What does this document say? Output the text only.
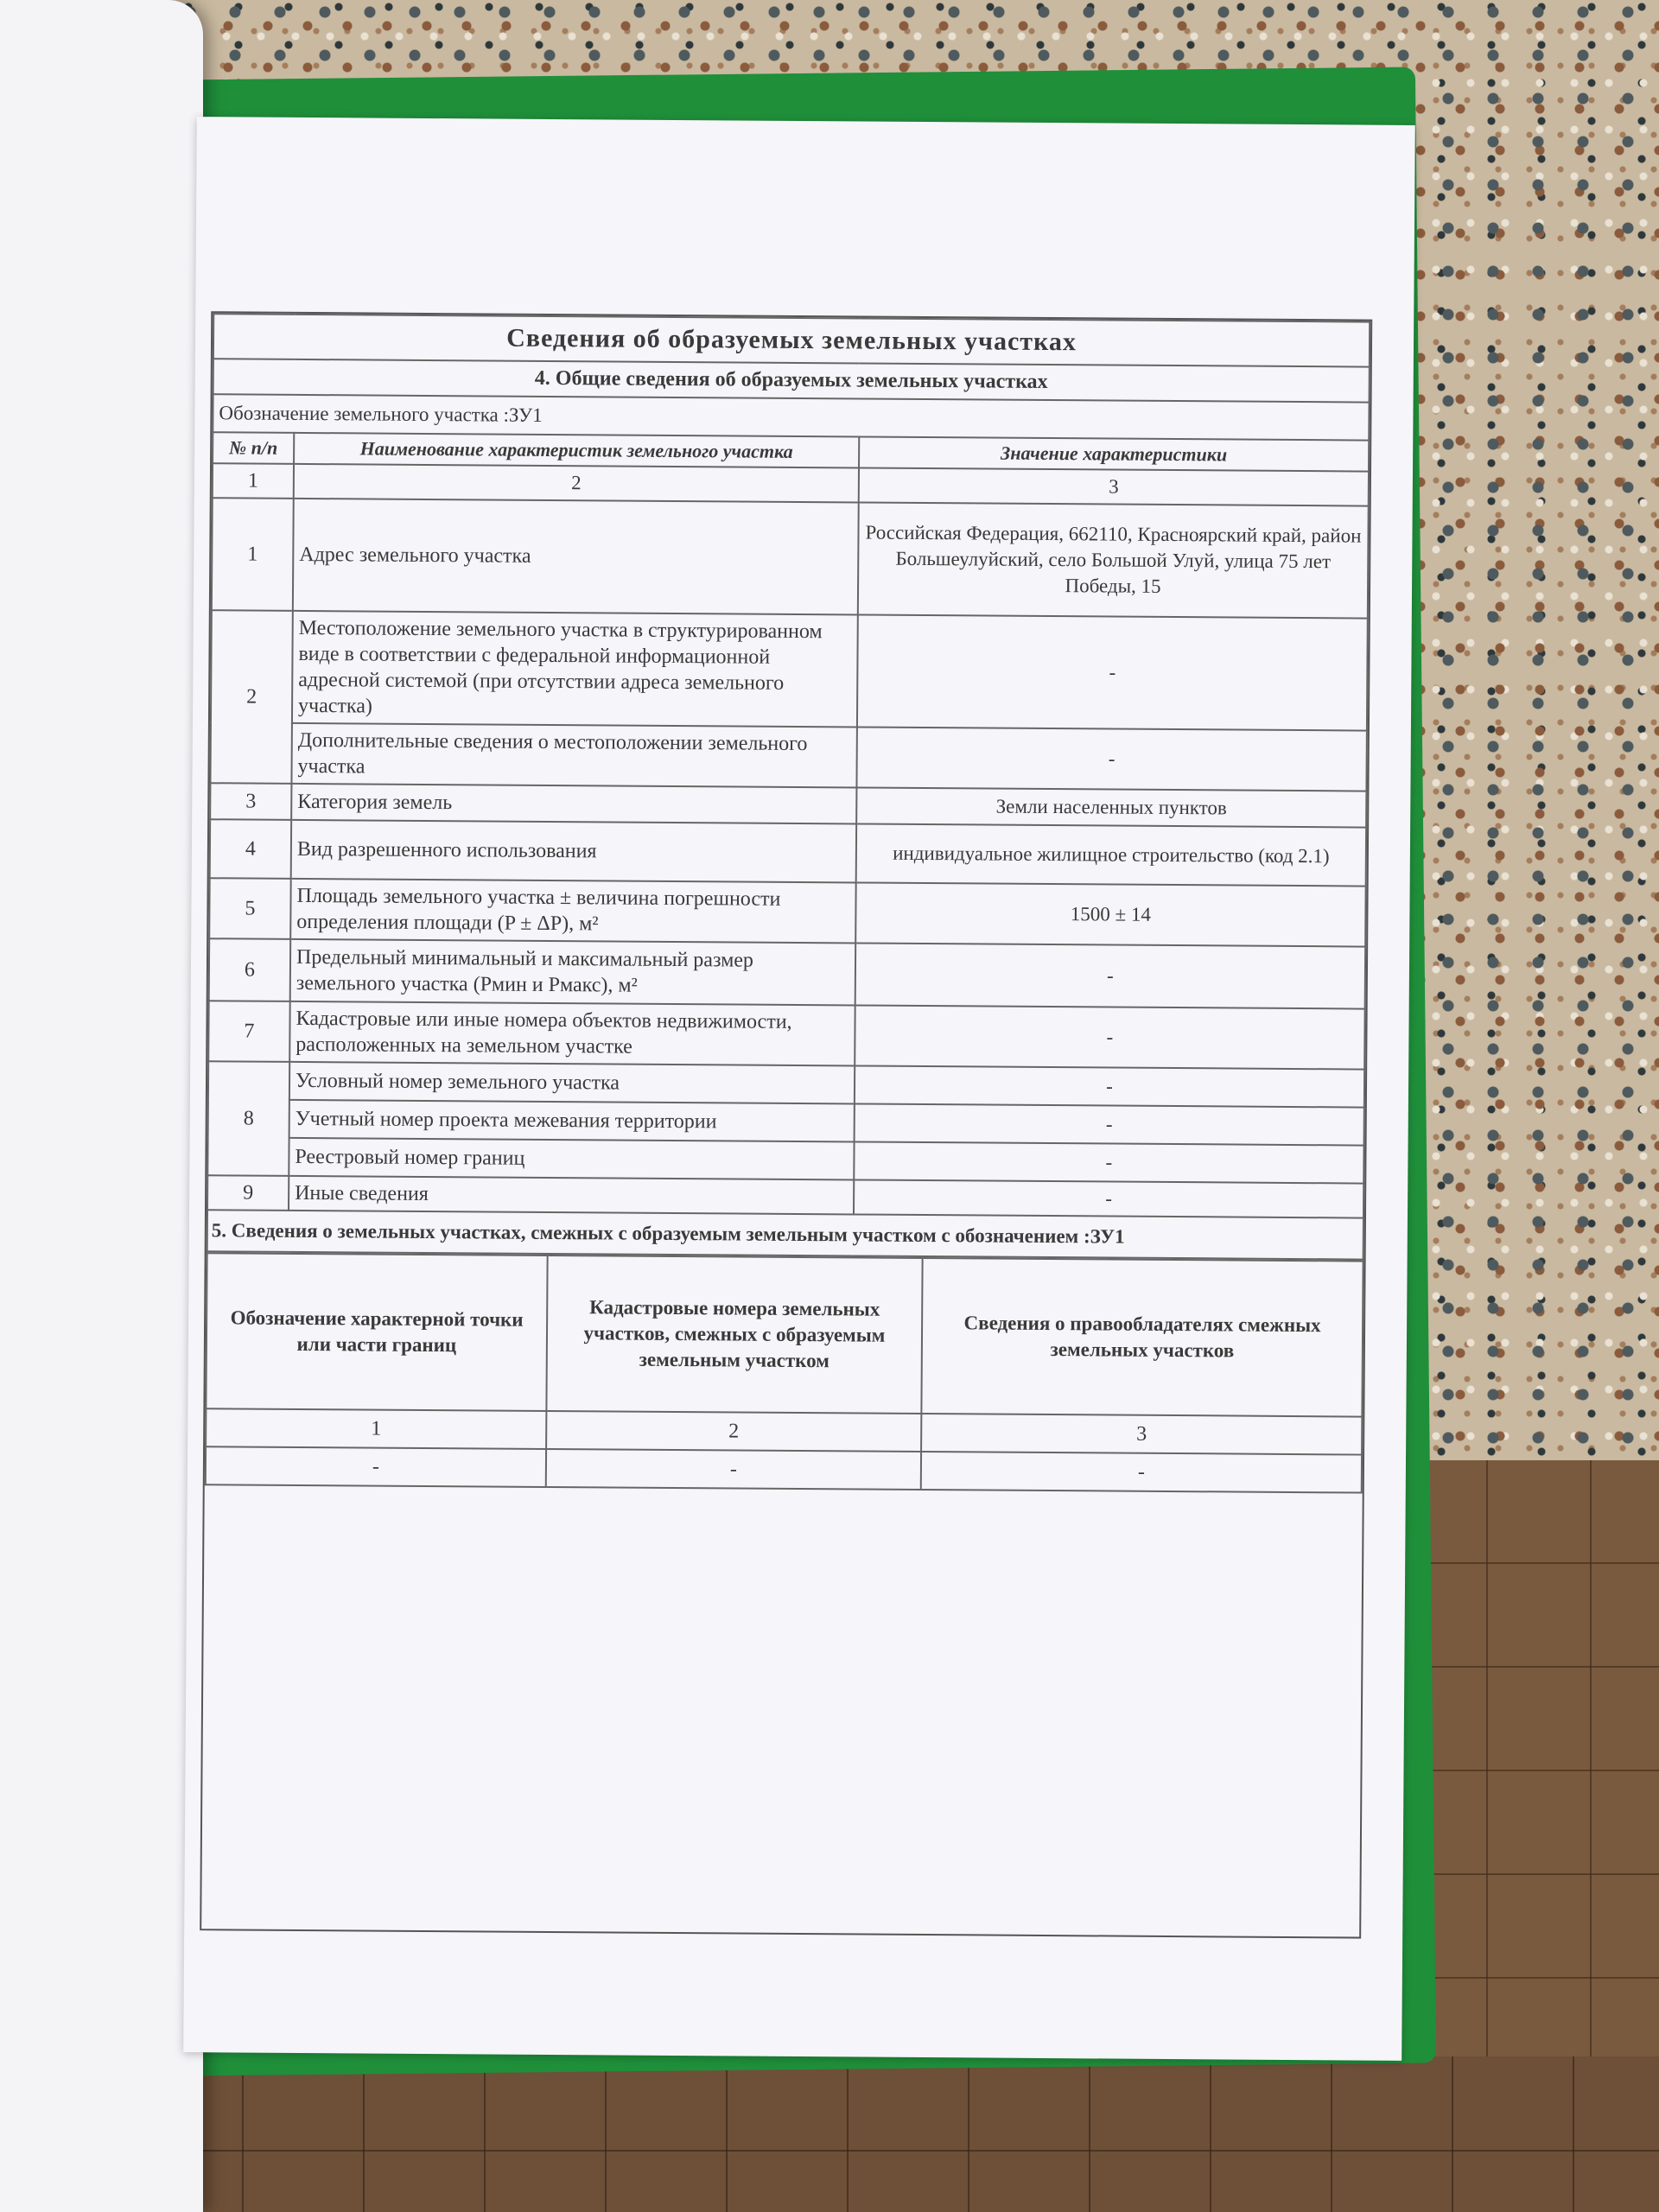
Сведения об образуемых земельных участках		
4. Общие сведения об образуемых земельных участках		
Обозначение земельного участка :ЗУ1		
№ п/п	Наименование характеристик земельного участка	Значение характеристики
1	2	3
1	Адрес земельного участка	Российская Федерация, 662110, Красноярский край, район Большеулуйский, село Большой Улуй, улица 75 лет Победы, 15
2	Местоположение земельного участка в структурированном виде в соответствии с федеральной информационной адресной системой (при отсутствии адреса земельного участка)	-
	Дополнительные сведения о местоположении земельного участка	-
3	Категория земель	Земли населенных пунктов
4	Вид разрешенного использования	индивидуальное жилищное строительство (код 2.1)
5	Площадь земельного участка ± величина погрешности определения площади (P ± ΔP), м²	1500 ± 14
6	Предельный минимальный и максимальный размер земельного участка (Pмин и Pмакс), м²	-
7	Кадастровые или иные номера объектов недвижимости, расположенных на земельном участке	-
8	Условный номер земельного участка	-
	Учетный номер проекта межевания территории	-
	Реестровый номер границ	-
9	Иные сведения	-
5. Сведения о земельных участках, смежных с образуемым земельным участком с обозначением :ЗУ1		
Обозначение характерной точки или части границ	Кадастровые номера земельных участков, смежных с образуемым земельным участком	Сведения о правообладателях смежных земельных участков
1	2	3
-	-	-
